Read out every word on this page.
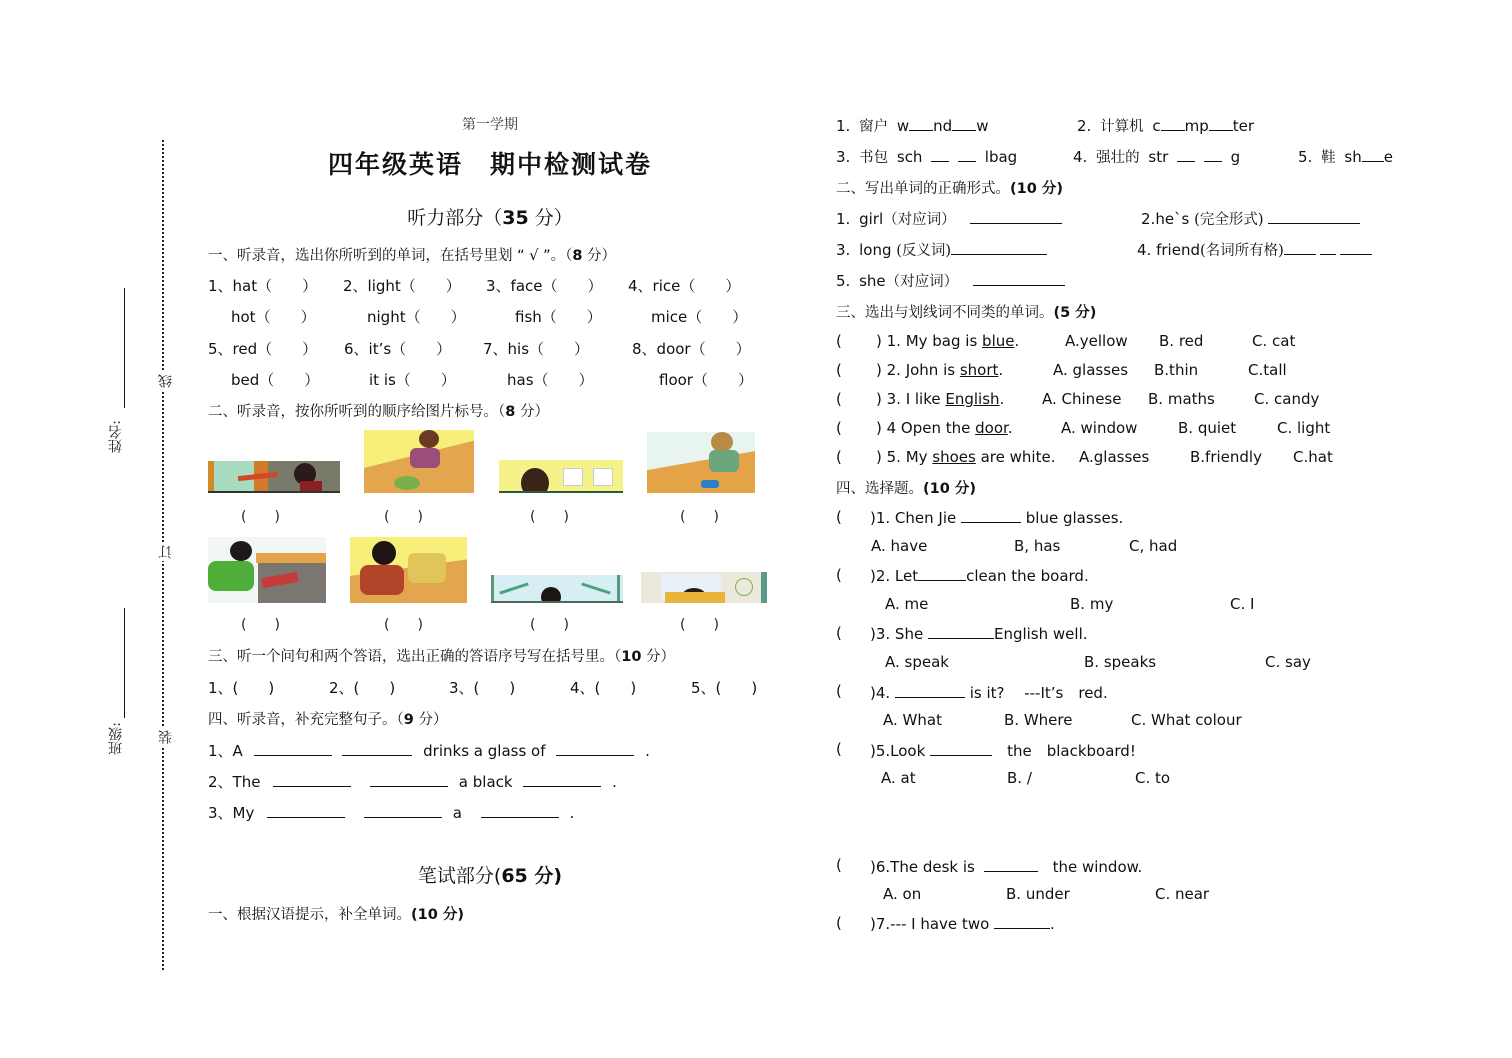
线
订
装
姓名:
班级:
第一学期
四年级英语　期中检测试卷
听力部分（35 分）
一、听录音，选出你所听到的单词，在括号里划 “ √ ”。（8 分）
1、hat（　　） 2、light（　　） 3、face（　　） 4、rice（　　）
hot（　　）	night（　　）	fish（　　）	mice（　　）
5、red（　　） 6、it’s（　　） 7、his（　　）	8、door（　　）
bed（　　）	it is（　　）	has（　　）	floor（　　）
二、听录音，按你所听到的顺序给图片标号。（8 分）
(　　)	(　　)	(　　)	(　　)
(　　)	(　　)	(　　)	(　　)
三、听一个问句和两个答语，选出正确的答语序号写在括号里。（10 分）
1、(　　)	2、(　　)	3、(　　)	4、(　　)	5、(　　)
四、听录音，补充完整句子。（9 分）
1、A	drinks a glass of	.
2、The	a black	.
3、My	a	.
笔试部分(65 分)
一、根据汉语提示，补全单词。(10 分)
1. 窗户 w nd w	2. 计算机 c mp ter
3. 书包 sch	lbag	4. 强壮的 str	g	5. 鞋 sh e
二、写出单词的正确形式。(10 分)
1. girl（对应词）	2.he`s (完全形式)
3. long (反义词)	4. friend(名词所有格)
5. she（对应词）
三、选出与划线词不同类的单词。(5 分)
( ) 1. My bag is blue.	A.yellow B. red	C. cat
( ) 2. John is short.	A. glasses B.thin	C.tall
( ) 3. I like English.	A. Chinese B. maths	C. candy
( ) 4 Open the door.	A. window	B. quiet	C. light
( ) 5. My shoes are white. A.glasses	B.friendly C.hat
四、选择题。(10 分)
( )1. Chen Jie	blue glasses.
A. have	B, has	C, had
( )2. Let	clean the board.
A. me	B. my	C. I
( )3. She	English well.
A. speak	B. speaks	C. say
( )4.	is it?　 ---It’s　red.
A. What	B. Where	C. What colour
( )5.Look	　the　blackboard!
A. at	B. /	C. to
( )6.The desk is	　the window.
A. on	B. under	C. near
( )7.--- I have two	.
